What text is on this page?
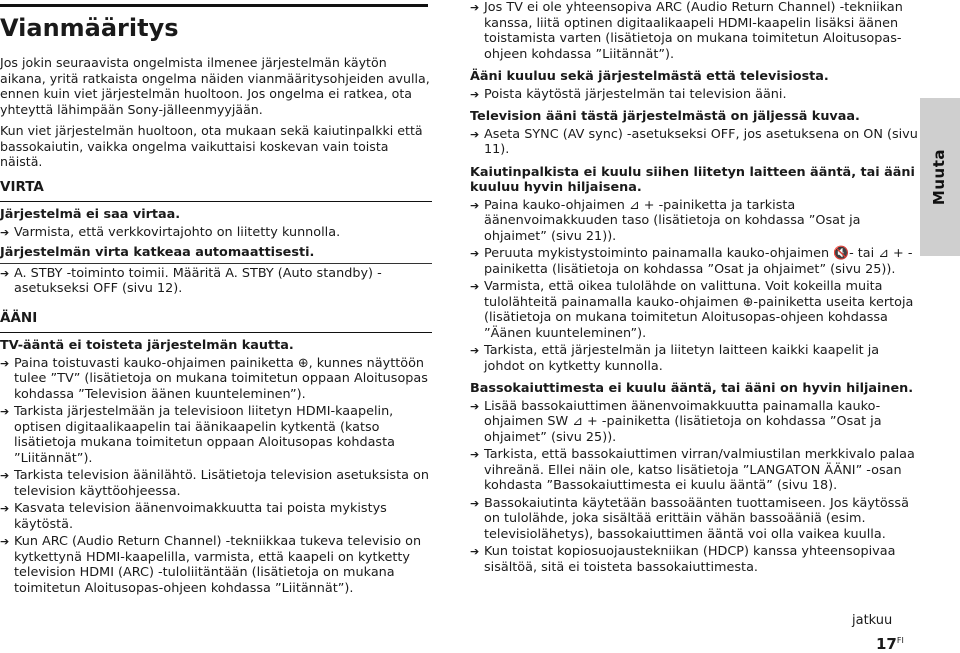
Vianmääritys

Jos jokin seuraavista ongelmista ilmenee järjestelmän käytön aikana, yritä ratkaista ongelma näiden vianmääritysohjeiden avulla, ennen kuin viet järjestelmän huoltoon. Jos ongelma ei ratkea, ota yhteyttä lähimpään Sony-jälleenmyyjään.

Kun viet järjestelmän huoltoon, ota mukaan sekä kaiutinpalkki että bassokaiutin, vaikka ongelma vaikuttaisi koskevan vain toista näistä.

VIRTA
Järjestelmä ei saa virtaa.
➔ Varmista, että verkkovirtajohto on liitetty kunnolla.
Järjestelmän virta katkeaa automaattisesti.
➔ A. STBY -toiminto toimii. Määritä A. STBY (Auto standby) -asetukseksi OFF (sivu 12).
ÄÄNI
TV-ääntä ei toisteta järjestelmän kautta.
➔ Paina toistuvasti kauko-ohjaimen painiketta ⊕, kunnes näyttöön tulee ”TV” (lisätietoja on mukana toimitetun oppaan Aloitusopas kohdassa ”Television äänen kuunteleminen”).
➔ Tarkista järjestelmään ja televisioon liitetyn HDMI-kaapelin, optisen digitaalikaapelin tai äänikaapelin kytkentä (katso lisätietoja mukana toimitetun oppaan Aloitusopas kohdasta ”Liitännät”).
➔ Tarkista television äänilähtö. Lisätietoja television asetuksista on television käyttöohjeessa.
➔ Kasvata television äänenvoimakkuutta tai poista mykistys käytöstä.
➔ Kun ARC (Audio Return Channel) -tekniikkaa tukeva televisio on kytkettynä HDMI-kaapelilla, varmista, että kaapeli on kytketty television HDMI (ARC) -tuloliitäntään (lisätietoja on mukana toimitetun Aloitusopas-ohjeen kohdassa ”Liitännät”).
➔ Jos TV ei ole yhteensopiva ARC (Audio Return Channel) -tekniikan kanssa, liitä optinen digitaalikaapeli HDMI-kaapelin lisäksi äänen toistamista varten (lisätietoja on mukana toimitetun Aloitusopas-ohjeen kohdassa ”Liitännät”).
Ääni kuuluu sekä järjestelmästä että televisiosta.
➔ Poista käytöstä järjestelmän tai television ääni.
Television ääni tästä järjestelmästä on jäljessä kuvaa.
➔ Aseta SYNC (AV sync) -asetukseksi OFF, jos asetuksena on ON (sivu 11).
Kaiutinpalkista ei kuulu siihen liitetyn laitteen ääntä, tai ääni kuuluu hyvin hiljaisena.
➔ Paina kauko-ohjaimen ⊿ + -painiketta ja tarkista äänenvoimakkuuden taso (lisätietoja on kohdassa ”Osat ja ohjaimet” (sivu 21)).
➔ Peruuta mykistystoiminto painamalla kauko-ohjaimen 🔇- tai ⊿ + -painiketta (lisätietoja on kohdassa ”Osat ja ohjaimet” (sivu 25)).
➔ Varmista, että oikea tulolähde on valittuna. Voit kokeilla muita tulolähteitä painamalla kauko-ohjaimen ⊕-painiketta useita kertoja (lisätietoja on mukana toimitetun Aloitusopas-ohjeen kohdassa ”Äänen kuunteleminen”).
➔ Tarkista, että järjestelmän ja liitetyn laitteen kaikki kaapelit ja johdot on kytketty kunnolla.
Bassokaiuttimesta ei kuulu ääntä, tai ääni on hyvin hiljainen.
➔ Lisää bassokaiuttimen äänenvoimakkuutta painamalla kauko-ohjaimen SW ⊿ + -painiketta (lisätietoja on kohdassa ”Osat ja ohjaimet” (sivu 25)).
➔ Tarkista, että bassokaiuttimen virran/valmiustilan merkkivalo palaa vihreänä. Ellei näin ole, katso lisätietoja ”LANGATON ÄÄNI” -osan kohdasta ”Bassokaiuttimesta ei kuulu ääntä” (sivu 18).
➔ Bassokaiutinta käytetään bassoäänten tuottamiseen. Jos käytössä on tulolähde, joka sisältää erittäin vähän bassoääniä (esim. televisiolähetys), bassokaiuttimen ääntä voi olla vaikea kuulla.
➔ Kun toistat kopiosuojaustekniikan (HDCP) kanssa yhteensopivaa sisältöä, sitä ei toisteta bassokaiuttimesta.
Muuta
jatkuu
$17^{FI}$
